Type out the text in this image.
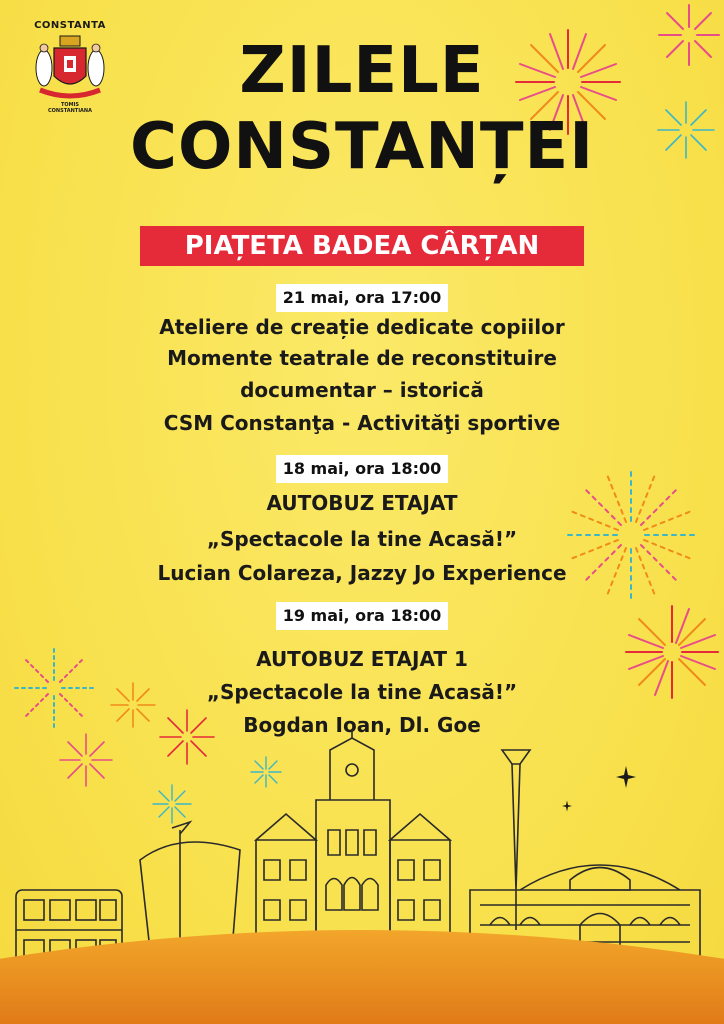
CONSTANTA
TOMIS
CONSTANTIANA
ZILELE
CONSTANȚEI
PIAȚETA BADEA CÂRȚAN
21 mai, ora 17:00
Ateliere de creație dedicate copiilor
Momente teatrale de reconstituire
documentar – istorică
CSM Constanţa - Activităţi sportive
18 mai, ora 18:00
AUTOBUZ ETAJAT
„Spectacole la tine Acasă!”
Lucian Colareza, Jazzy Jo Experience
19 mai, ora 18:00
AUTOBUZ ETAJAT 1
„Spectacole la tine Acasă!”
Bogdan Ioan, Dl. Goe
